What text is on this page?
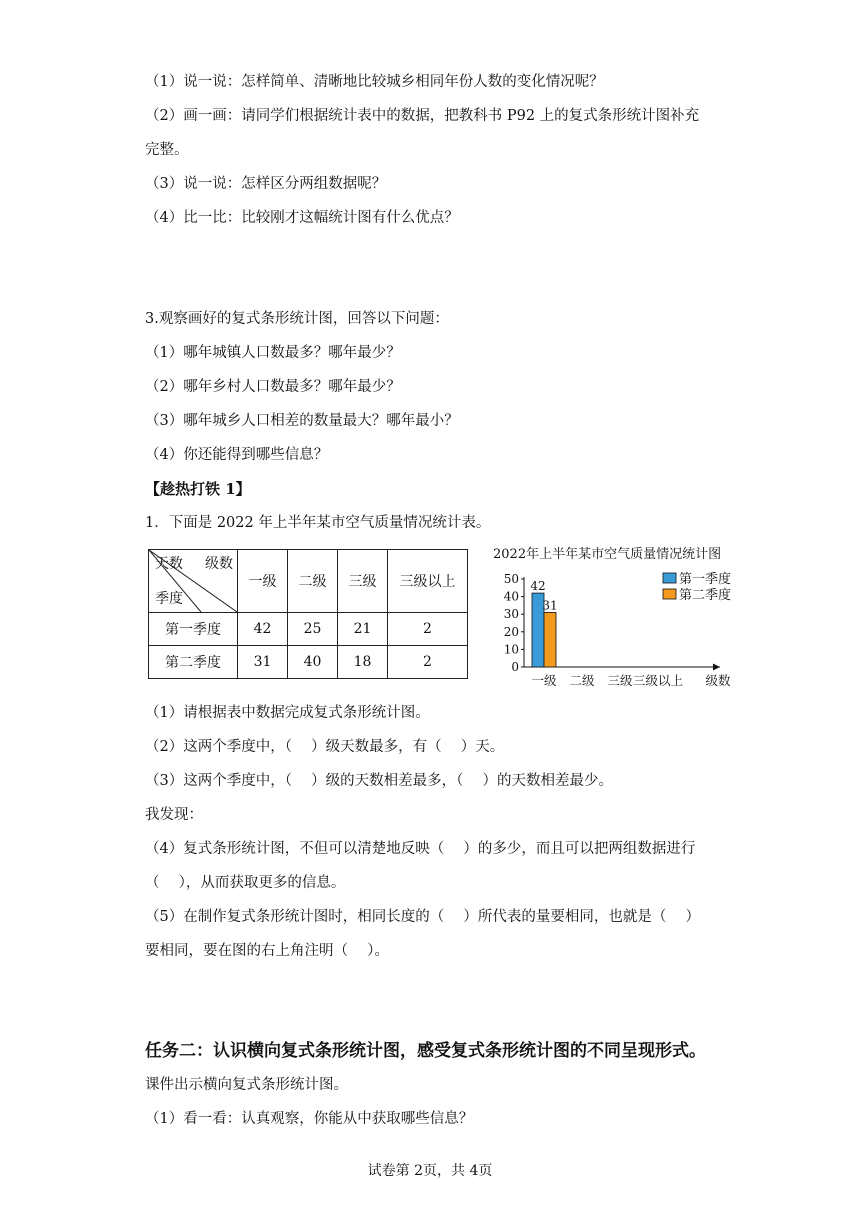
（1）说一说：怎样简单、清晰地比较城乡相同年份人数的变化情况呢？
（2）画一画：请同学们根据统计表中的数据，把教科书 P92 上的复式条形统计图补充
完整。
（3）说一说：怎样区分两组数据呢？
（4）比一比：比较刚才这幅统计图有什么优点？
3.观察画好的复式条形统计图，回答以下问题：
（1）哪年城镇人口数最多？哪年最少？
（2）哪年乡村人口数最多？哪年最少？
（3）哪年城乡人口相差的数量最大？哪年最小？
（4）你还能得到哪些信息？
【趁热打铁 1】
1．下面是 2022 年上半年某市空气质量情况统计表。
天数 级数
季度	一级	二级	三级	三级以上
第一季度	42	25	21	2
第二季度	31	40	18	2
2022年上半年某市空气质量情况统计图
0
10
20
30
40
50
一级
42
31
二级 三级 三级以上 级数
第一季度
第二季度
（1）请根据表中数据完成复式条形统计图。
（2）这两个季度中，（　 ）级天数最多，有（　 ）天。
（3）这两个季度中，（　 ）级的天数相差最多，（　 ）的天数相差最少。
我发现：
（4）复式条形统计图，不但可以清楚地反映（　 ）的多少，而且可以把两组数据进行
（　 ），从而获取更多的信息。
（5）在制作复式条形统计图时，相同长度的（　 ）所代表的量要相同，也就是（　 ）
要相同，要在图的右上角注明（　 ）。
任务二：认识横向复式条形统计图，感受复式条形统计图的不同呈现形式。
课件出示横向复式条形统计图。
（1）看一看：认真观察，你能从中获取哪些信息？
试卷第 2页，共 4页
